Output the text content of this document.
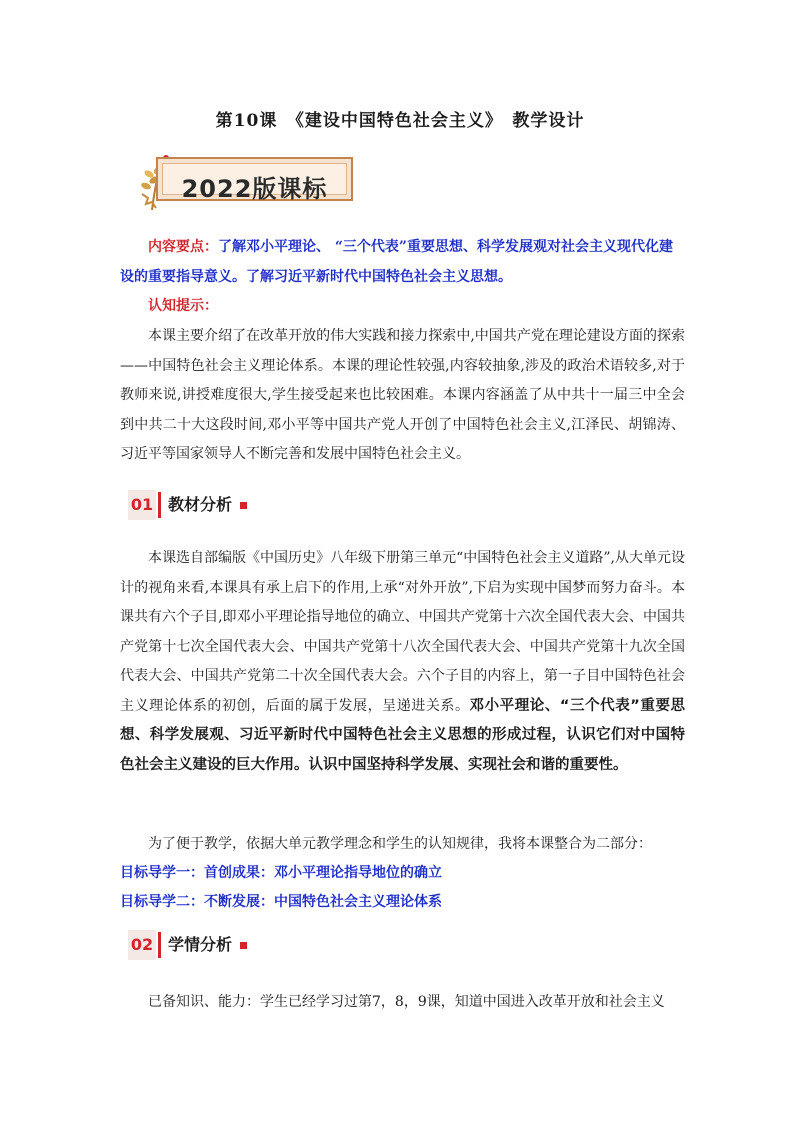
第10课　《建设中国特色社会主义》　教学设计
2022版课标
内容要点：了解邓小平理论、 “三个代表”重要思想、科学发展观对社会主义现代化建设的重要指导意义。了解习近平新时代中国特色社会主义思想。
认知提示：
本课主要介绍了在改革开放的伟大实践和接力探索中,中国共产党在理论建设方面的探索——中国特色社会主义理论体系。本课的理论性较强,内容较抽象,涉及的政治术语较多,对于教师来说,讲授难度很大,学生接受起来也比较困难。本课内容涵盖了从中共十一届三中全会到中共二十大这段时间,邓小平等中国共产党人开创了中国特色社会主义,江泽民、胡锦涛、习近平等国家领导人不断完善和发展中国特色社会主义。
01 教材分析
本课选自部编版《中国历史》八年级下册第三单元“中国特色社会主义道路”,从大单元设计的视角来看,本课具有承上启下的作用,上承“对外开放”,下启为实现中国梦而努力奋斗。本课共有六个子目,即邓小平理论指导地位的确立、中国共产党第十六次全国代表大会、中国共产党第十七次全国代表大会、中国共产党第十八次全国代表大会、中国共产党第十九次全国代表大会、中国共产党第二十次全国代表大会。六个子目的内容上，第一子目中国特色社会主义理论体系的初创，后面的属于发展，呈递进关系。邓小平理论、“三个代表”重要思想、科学发展观、习近平新时代中国特色社会主义思想的形成过程，认识它们对中国特色社会主义建设的巨大作用。认识中国坚持科学发展、实现社会和谐的重要性。
为了便于教学，依据大单元教学理念和学生的认知规律，我将本课整合为二部分：
目标导学一：首创成果：邓小平理论指导地位的确立
目标导学二：不断发展：中国特色社会主义理论体系
02 学情分析
已备知识、能力：学生已经学习过第7，8，9课，知道中国进入改革开放和社会主义
